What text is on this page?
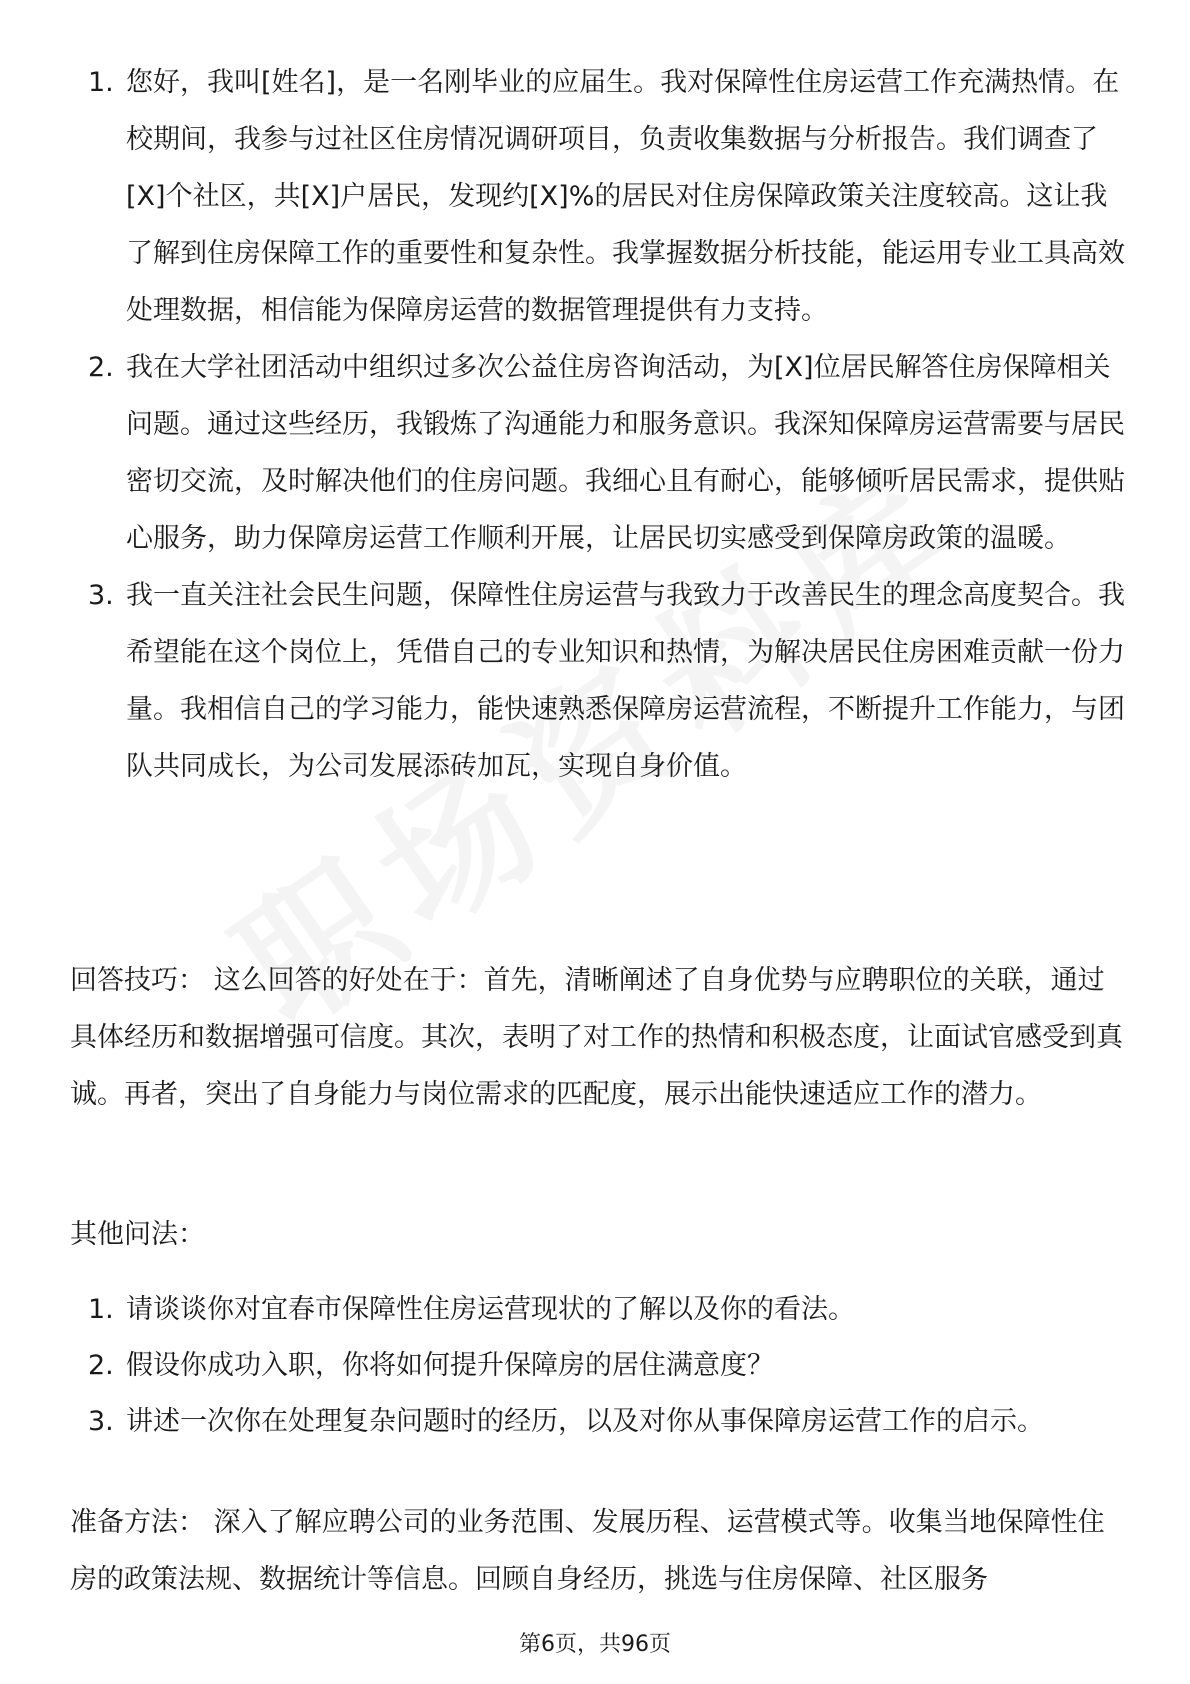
1. 您好，我叫[姓名]，是一名刚毕业的应届生。我对保障性住房运营工作充满热情。在校期间，我参与过社区住房情况调研项目，负责收集数据与分析报告。我们调查了[X]个社区，共[X]户居民，发现约[X]%的居民对住房保障政策关注度较高。这让我了解到住房保障工作的重要性和复杂性。我掌握数据分析技能，能运用专业工具高效处理数据，相信能为保障房运营的数据管理提供有力支持。
2. 我在大学社团活动中组织过多次公益住房咨询活动，为[X]位居民解答住房保障相关问题。通过这些经历，我锻炼了沟通能力和服务意识。我深知保障房运营需要与居民密切交流，及时解决他们的住房问题。我细心且有耐心，能够倾听居民需求，提供贴心服务，助力保障房运营工作顺利开展，让居民切实感受到保障房政策的温暖。
3. 我一直关注社会民生问题，保障性住房运营与我致力于改善民生的理念高度契合。我希望能在这个岗位上，凭借自己的专业知识和热情，为解决居民住房困难贡献一份力量。我相信自己的学习能力，能快速熟悉保障房运营流程，不断提升工作能力，与团队共同成长，为公司发展添砖加瓦，实现自身价值。

回答技巧： 这么回答的好处在于：首先，清晰阐述了自身优势与应聘职位的关联，通过具体经历和数据增强可信度。其次，表明了对工作的热情和积极态度，让面试官感受到真诚。再者，突出了自身能力与岗位需求的匹配度，展示出能快速适应工作的潜力。

其他问法：

1. 请谈谈你对宜春市保障性住房运营现状的了解以及你的看法。
2. 假设你成功入职，你将如何提升保障房的居住满意度？
3. 讲述一次你在处理复杂问题时的经历，以及对你从事保障房运营工作的启示。

准备方法： 深入了解应聘公司的业务范围、发展历程、运营模式等。收集当地保障性住房的政策法规、数据统计等信息。回顾自身经历，挑选与住房保障、社区服务

第6页，共96页
